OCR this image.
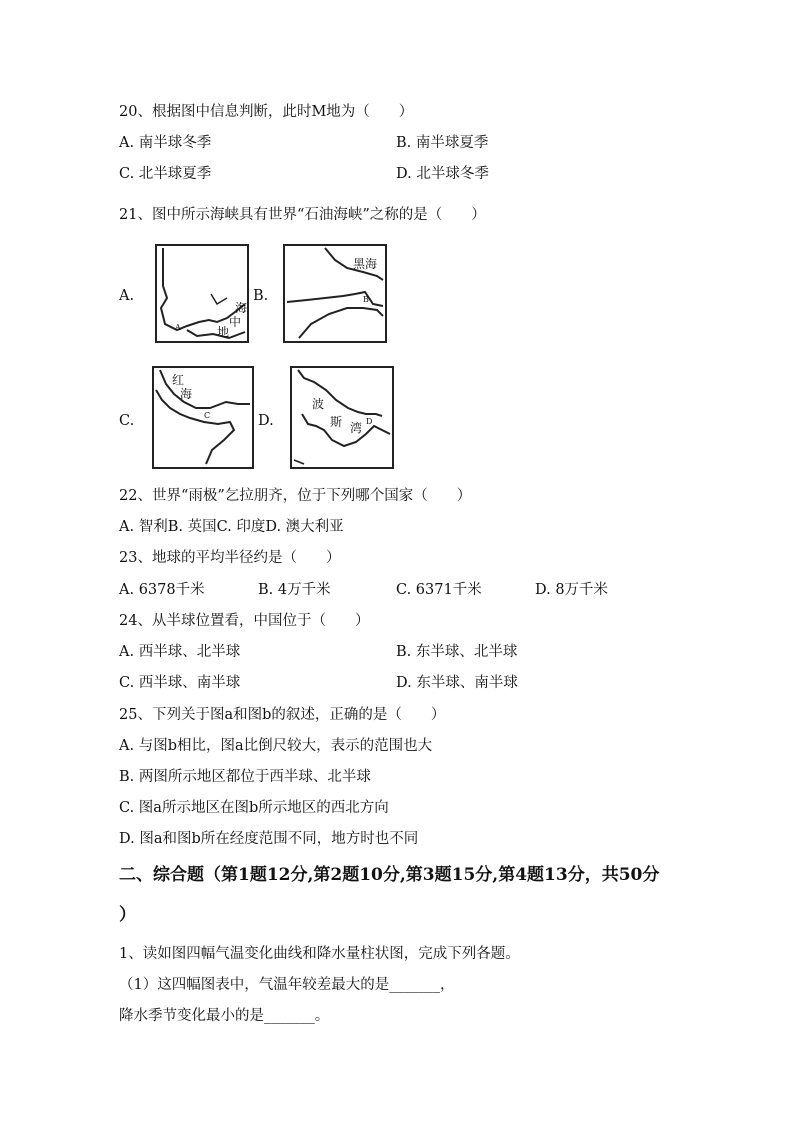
20、根据图中信息判断，此时M地为（　　）
A. 南半球冬季	B. 南半球夏季
C. 北半球夏季	D. 北半球冬季
21、图中所示海峡具有世界“石油海峡”之称的是（　　）
A.
海
中
地
A
B.
黑海
B
C.
红
海
C	D.
波
斯 湾 D
22、世界“雨极”乞拉朋齐，位于下列哪个国家（　　）
A. 智利B. 英国C. 印度D. 澳大利亚
23、地球的平均半径约是（　　）
A. 6378千米	B. 4万千米	C. 6371千米	D. 8万千米
24、从半球位置看，中国位于（　　）
A. 西半球、北半球	B. 东半球、北半球
C. 西半球、南半球	D. 东半球、南半球
25、下列关于图a和图b的叙述，正确的是（　　）
A. 与图b相比，图a比倒尺较大，表示的范围也大
B. 两图所示地区都位于西半球、北半球
C. 图a所示地区在图b所示地区的西北方向
D. 图a和图b所在经度范围不同，地方时也不同
二、综合题（第1题12分,第2题10分,第3题15分,第4题13分，共50分
）
1、读如图四幅气温变化曲线和降水量柱状图，完成下列各题。
（1）这四幅图表中，气温年较差最大的是_______，
降水季节变化最小的是_______。
